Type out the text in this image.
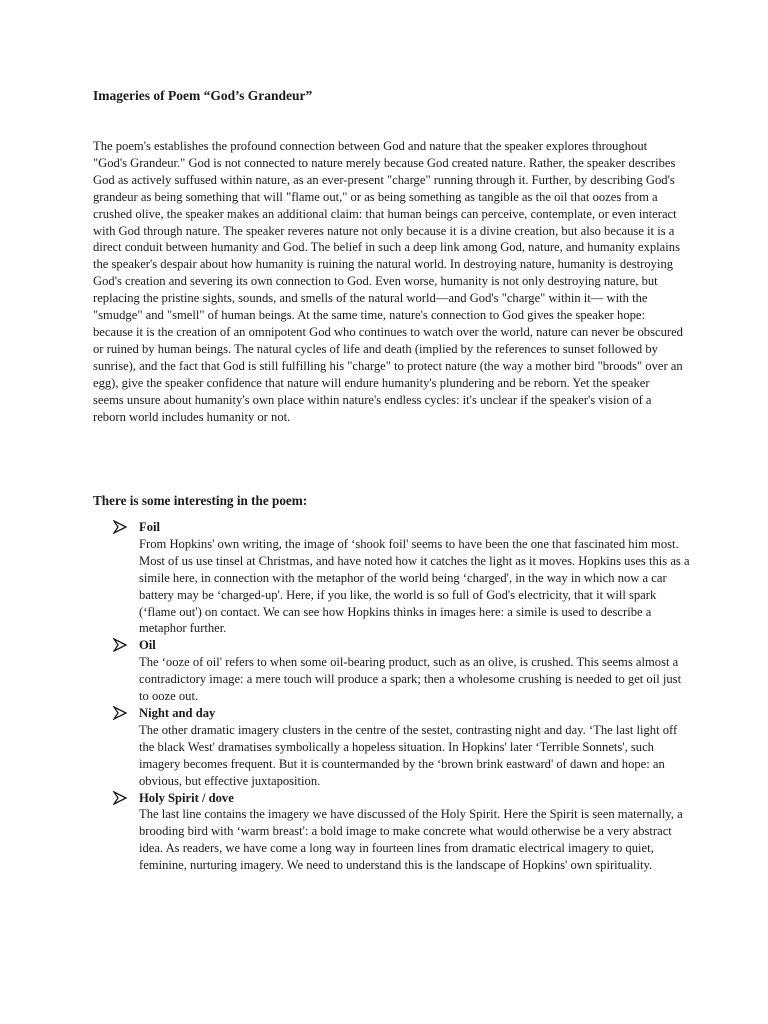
Imageries of Poem “God’s Grandeur”

The poem's establishes the profound connection between God and nature that the speaker explores throughout "God's Grandeur." God is not connected to nature merely because God created nature. Rather, the speaker describes God as actively suffused within nature, as an ever-present "charge" running through it. Further, by describing God's grandeur as being something that will "flame out," or as being something as tangible as the oil that oozes from a crushed olive, the speaker makes an additional claim: that human beings can perceive, contemplate, or even interact with God through nature. The speaker reveres nature not only because it is a divine creation, but also because it is a direct conduit between humanity and God. The belief in such a deep link among God, nature, and humanity explains the speaker's despair about how humanity is ruining the natural world. In destroying nature, humanity is destroying God's creation and severing its own connection to God. Even worse, humanity is not only destroying nature, but replacing the pristine sights, sounds, and smells of the natural world—and God's "charge" within it— with the "smudge" and "smell" of human beings. At the same time, nature's connection to God gives the speaker hope: because it is the creation of an omnipotent God who continues to watch over the world, nature can never be obscured or ruined by human beings. The natural cycles of life and death (implied by the references to sunset followed by sunrise), and the fact that God is still fulfilling his "charge" to protect nature (the way a mother bird "broods" over an egg), give the speaker confidence that nature will endure humanity's plundering and be reborn. Yet the speaker seems unsure about humanity's own place within nature's endless cycles: it's unclear if the speaker's vision of a reborn world includes humanity or not.

There is some interesting in the poem:
Foil

From Hopkins' own writing, the image of ‘shook foil' seems to have been the one that fascinated him most. Most of us use tinsel at Christmas, and have noted how it catches the light as it moves. Hopkins uses this as a simile here, in connection with the metaphor of the world being ‘charged', in the way in which now a car battery may be ‘charged-up'. Here, if you like, the world is so full of God's electricity, that it will spark (‘flame out') on contact. We can see how Hopkins thinks in images here: a simile is used to describe a metaphor further.

Oil

The ‘ooze of oil' refers to when some oil-bearing product, such as an olive, is crushed. This seems almost a contradictory image: a mere touch will produce a spark; then a wholesome crushing is needed to get oil just to ooze out.

Night and day

The other dramatic imagery clusters in the centre of the sestet, contrasting night and day. ‘The last light off the black West' dramatises symbolically a hopeless situation. In Hopkins' later ‘Terrible Sonnets', such imagery becomes frequent. But it is countermanded by the ‘brown brink eastward' of dawn and hope: an obvious, but effective juxtaposition.

Holy Spirit / dove

The last line contains the imagery we have discussed of the Holy Spirit. Here the Spirit is seen maternally, a brooding bird with ‘warm breast': a bold image to make concrete what would otherwise be a very abstract idea. As readers, we have come a long way in fourteen lines from dramatic electrical imagery to quiet, feminine, nurturing imagery. We need to understand this is the landscape of Hopkins' own spirituality.
